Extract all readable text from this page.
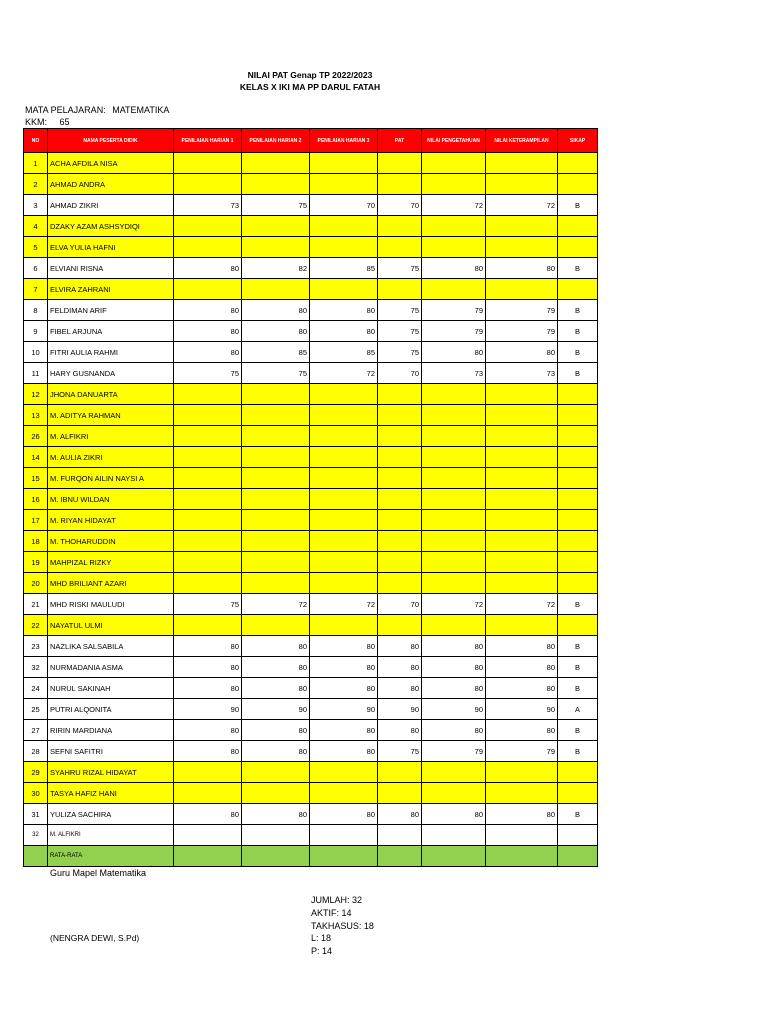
NILAI PAT Genap TP 2022/2023
KELAS X IKI MA PP DARUL FATAH
MATA PELAJARAN: MATEMATIKA
KKM: 65
NO	NAMA PESERTA DIDIK	PENILAIAN HARIAN 1	PENILAIAN HARIAN 2	PENILAIAN HARIAN 3	PAT	NILAI PENGETAHUAN	NILAI KETERAMPILAN	SIKAP
1	ACHA AFDILA NISA							
2	AHMAD ANDRA							
3	AHMAD ZIKRI	73	75	70	70	72	72	B
4	DZAKY AZAM ASHSYDIQI							
5	ELVA YULIA HAFNI							
6	ELVIANI RISNA	80	82	85	75	80	80	B
7	ELVIRA ZAHRANI							
8	FELDIMAN ARIF	80	80	80	75	79	79	B
9	FIBEL ARJUNA	80	80	80	75	79	79	B
10	FITRI AULIA RAHMI	80	85	85	75	80	80	B
11	HARY GUSNANDA	75	75	72	70	73	73	B
12	JHONA DANUARTA							
13	M. ADITYA RAHMAN							
26	M. ALFIKRI							
14	M. AULIA ZIKRI							
15	M. FURQON AILIN NAYSI A							
16	M. IBNU WILDAN							
17	M. RIYAN HIDAYAT							
18	M. THOHARUDDIN							
19	MAHPIZAL RIZKY							
20	MHD BRILIANT AZARI							
21	MHD RISKI MAULUDI	75	72	72	70	72	72	B
22	NAYATUL ULMI							
23	NAZLIKA SALSABILA	80	80	80	80	80	80	B
32	NURMADANIA ASMA	80	80	80	80	80	80	B
24	NURUL SAKINAH	80	80	80	80	80	80	B
25	PUTRI ALQONITA	90	90	90	90	90	90	A
27	RIRIN MARDIANA	80	80	80	80	80	80	B
28	SEFNI SAFITRI	80	80	80	75	79	79	B
29	SYAHRU RIZAL HIDAYAT							
30	TASYA HAFIZ HANI							
31	YULIZA SACHIRA	80	80	80	80	80	80	B
32	M. ALFIKRI							
	RATA-RATA							
Guru Mapel Matematika
(NENGRA DEWI, S.Pd)
JUMLAH: 32
AKTIF: 14
TAKHASUS: 18
L: 18
P: 14
